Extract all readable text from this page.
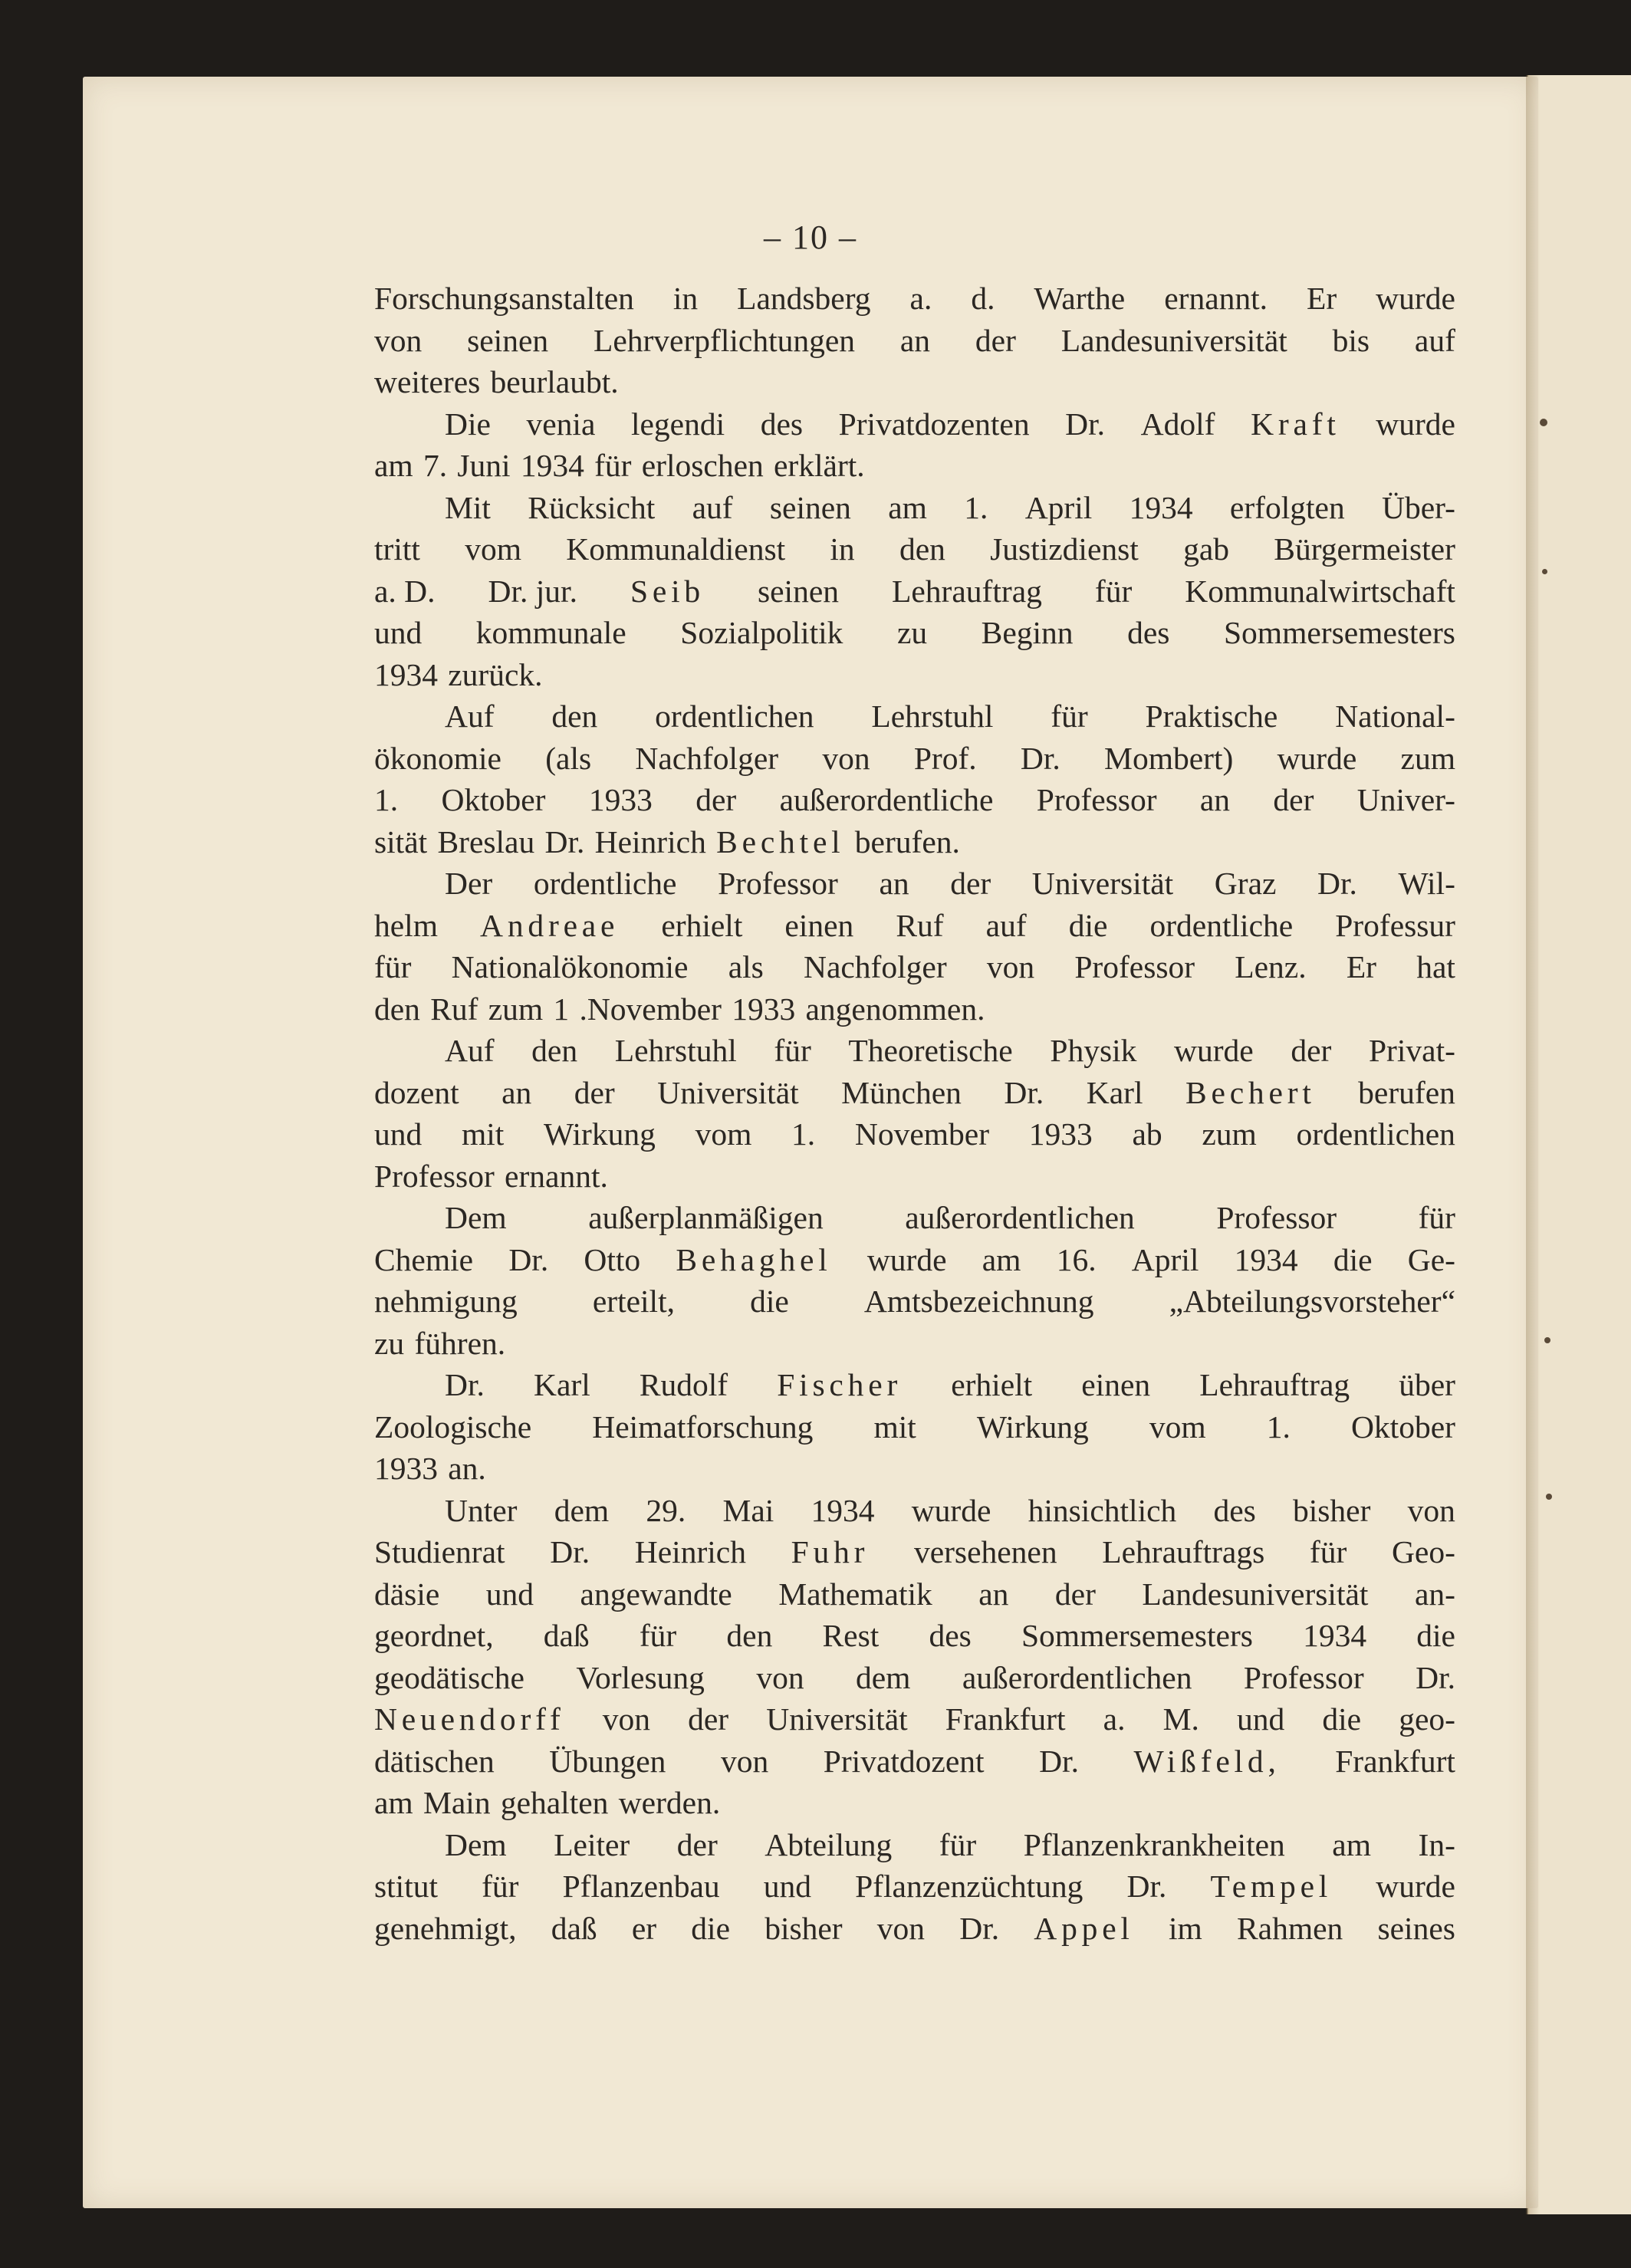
– 10 –
Forschungsanstalten in Landsberg a. d. Warthe ernannt. Er wurde
von seinen Lehrverpflichtungen an der Landesuniversität bis auf
weiteres beurlaubt.
Die venia legendi des Privatdozenten Dr. Adolf Kraft wurde
am 7. Juni 1934 für erloschen erklärt.
Mit Rücksicht auf seinen am 1. April 1934 erfolgten Über-
tritt vom Kommunaldienst in den Justizdienst gab Bürgermeister
a. D. Dr. jur. Seib seinen Lehrauftrag für Kommunalwirtschaft
und kommunale Sozialpolitik zu Beginn des Sommersemesters
1934 zurück.
Auf den ordentlichen Lehrstuhl für Praktische National-
ökonomie (als Nachfolger von Prof. Dr. Mombert) wurde zum
1. Oktober 1933 der außerordentliche Professor an der Univer-
sität Breslau Dr. Heinrich Bechtel berufen.
Der ordentliche Professor an der Universität Graz Dr. Wil-
helm Andreae erhielt einen Ruf auf die ordentliche Professur
für Nationalökonomie als Nachfolger von Professor Lenz. Er hat
den Ruf zum 1 .November 1933 angenommen.
Auf den Lehrstuhl für Theoretische Physik wurde der Privat-
dozent an der Universität München Dr. Karl Bechert berufen
und mit Wirkung vom 1. November 1933 ab zum ordentlichen
Professor ernannt.
Dem	außerplanmäßigen	außerordentlichen	Professor	für
Chemie Dr. Otto Behaghel wurde am 16. April 1934 die Ge-
nehmigung erteilt, die Amtsbezeichnung „Abteilungsvorsteher“
zu führen.
Dr. Karl Rudolf Fischer erhielt einen Lehrauftrag über
Zoologische Heimatforschung mit Wirkung vom 1. Oktober
1933 an.
Unter dem 29. Mai 1934 wurde hinsichtlich des bisher von
Studienrat Dr. Heinrich Fuhr versehenen Lehrauftrags für Geo-
däsie und angewandte Mathematik an der Landesuniversität an-
geordnet, daß für den Rest des Sommersemesters 1934 die
geodätische Vorlesung von dem außerordentlichen Professor Dr.
Neuendorff von der Universität Frankfurt a. M. und die geo-
dätischen Übungen von Privatdozent Dr. Wißfeld, Frankfurt
am Main gehalten werden.
Dem Leiter der Abteilung für Pflanzenkrankheiten am In-
stitut für Pflanzenbau und Pflanzenzüchtung Dr. Tempel wurde
genehmigt, daß er die bisher von Dr. Appel im Rahmen seines
